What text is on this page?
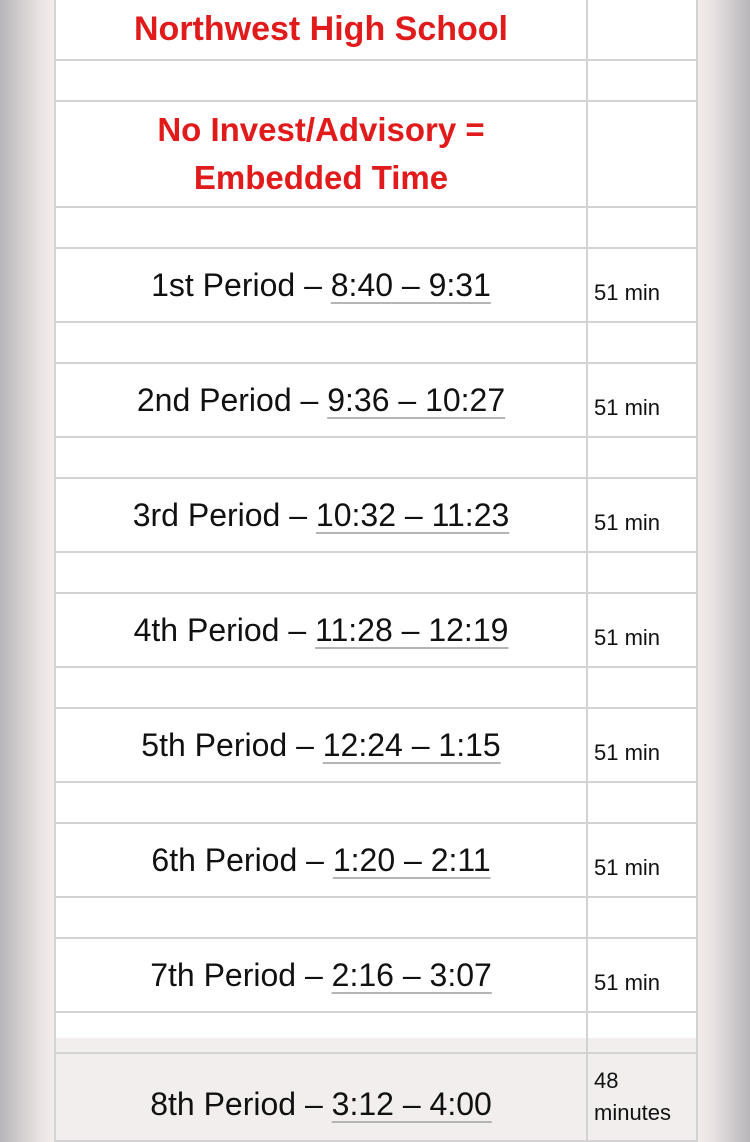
Northwest High School	

No Invest/Advisory =
Embedded Time	

1st Period – 8:40 – 9:31	51 min

2nd Period – 9:36 – 10:27	51 min

3rd Period – 10:32 – 11:23	51 min

4th Period – 11:28 – 12:19	51 min

5th Period – 12:24 – 1:15	51 min

6th Period – 1:20 – 2:11	51 min

7th Period – 2:16 – 3:07	51 min

8th Period – 3:12 – 4:00	48
minutes
